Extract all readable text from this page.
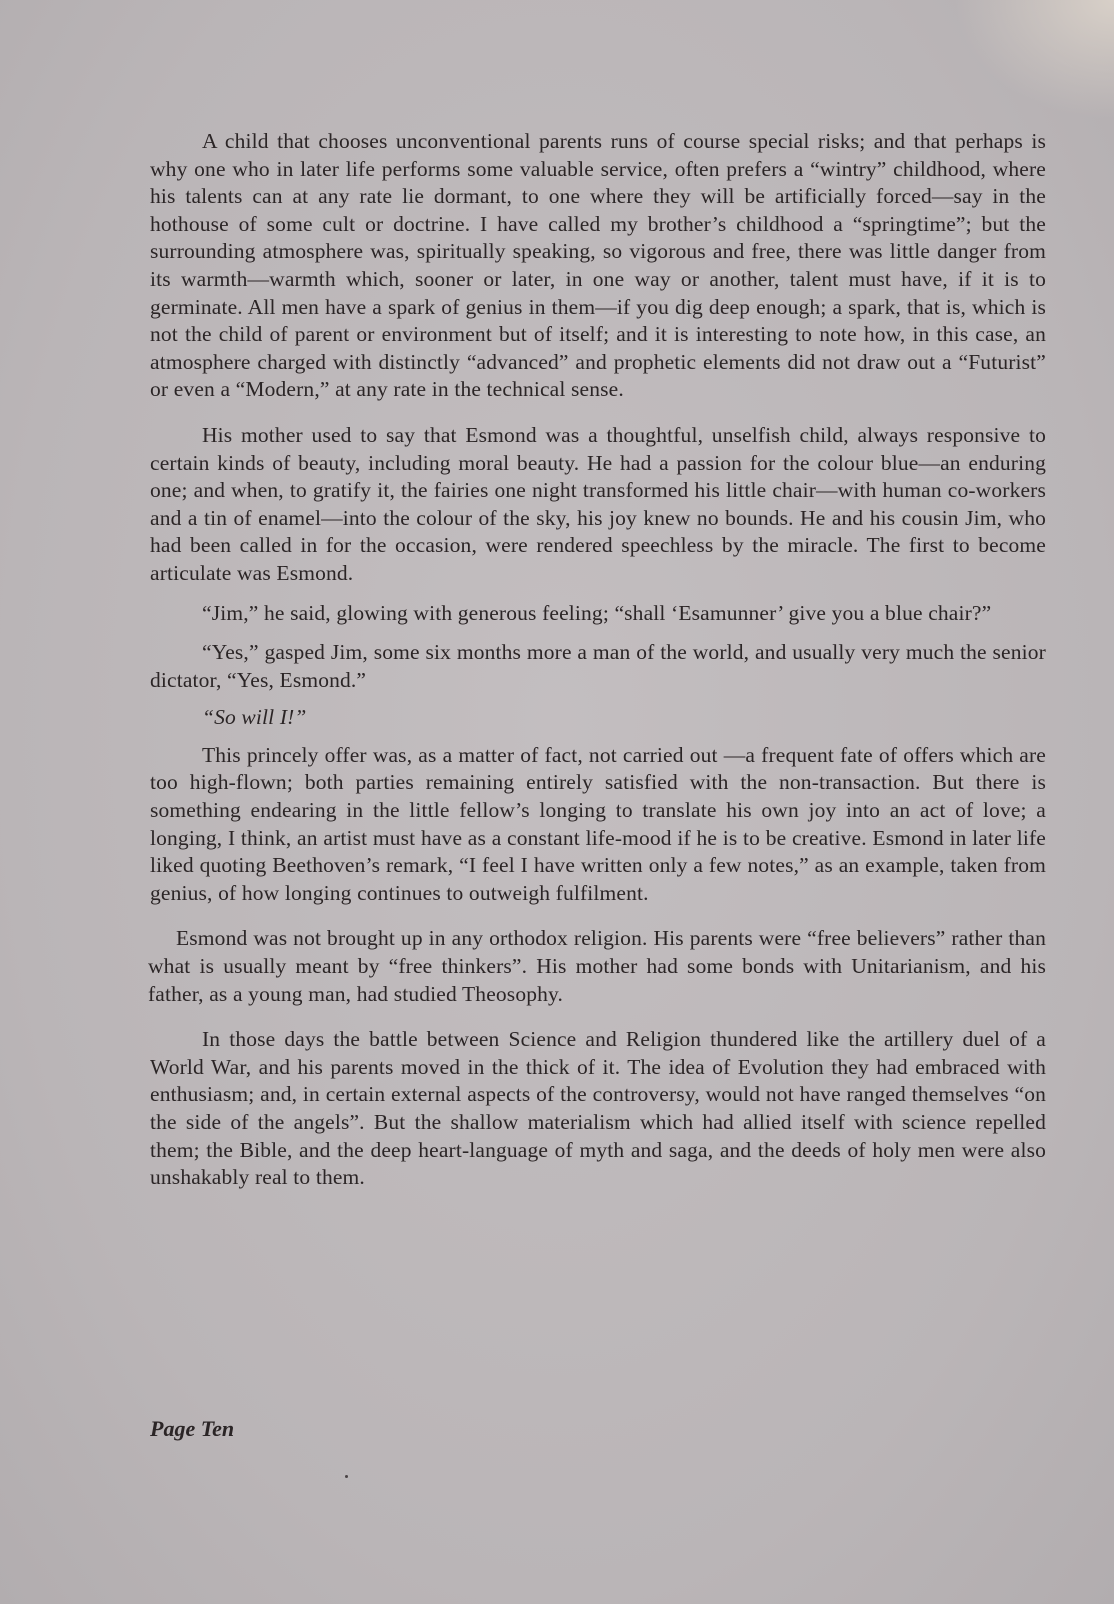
A child that chooses unconventional parents runs of course special risks; and that perhaps is why one who in later life performs some valuable service, often prefers a “wintry” childhood, where his talents can at any rate lie dormant, to one where they will be artificially forced—say in the hothouse of some cult or doctrine. I have called my brother’s childhood a “springtime”; but the surrounding atmosphere was, spiritually speaking, so vigorous and free, there was little danger from its warmth—warmth which, sooner or later, in one way or another, talent must have, if it is to germinate. All men have a spark of genius in them—if you dig deep enough; a spark, that is, which is not the child of parent or environment but of itself; and it is interesting to note how, in this case, an atmosphere charged with distinctly “advanced” and prophetic elements did not draw out a “Futurist” or even a “Modern,” at any rate in the technical sense.

His mother used to say that Esmond was a thoughtful, unselfish child, always responsive to certain kinds of beauty, including moral beauty. He had a passion for the colour blue—an enduring one; and when, to gratify it, the fairies one night transformed his little chair—with human co-workers and a tin of enamel—into the colour of the sky, his joy knew no bounds. He and his cousin Jim, who had been called in for the occasion, were rendered speechless by the miracle. The first to become articulate was Esmond.

“Jim,” he said, glowing with generous feeling; “shall ‘Esamunner’ give you a blue chair?”

“Yes,” gasped Jim, some six months more a man of the world, and usually very much the senior dictator, “Yes, Esmond.”

“So will I!”

This princely offer was, as a matter of fact, not carried out —a frequent fate of offers which are too high-flown; both parties remaining entirely satisfied with the non-transaction. But there is something endearing in the little fellow’s longing to translate his own joy into an act of love; a longing, I think, an artist must have as a constant life-mood if he is to be creative. Esmond in later life liked quoting Beethoven’s remark, “I feel I have written only a few notes,” as an example, taken from genius, of how longing continues to outweigh fulfilment.

Esmond was not brought up in any orthodox religion. His parents were “free believers” rather than what is usually meant by “free thinkers”. His mother had some bonds with Unitarianism, and his father, as a young man, had studied Theosophy.

In those days the battle between Science and Religion thundered like the artillery duel of a World War, and his parents moved in the thick of it. The idea of Evolution they had embraced with enthusiasm; and, in certain external aspects of the controversy, would not have ranged themselves “on the side of the angels”. But the shallow materialism which had allied itself with science repelled them; the Bible, and the deep heart-language of myth and saga, and the deeds of holy men were also unshakably real to them.

Page Ten
